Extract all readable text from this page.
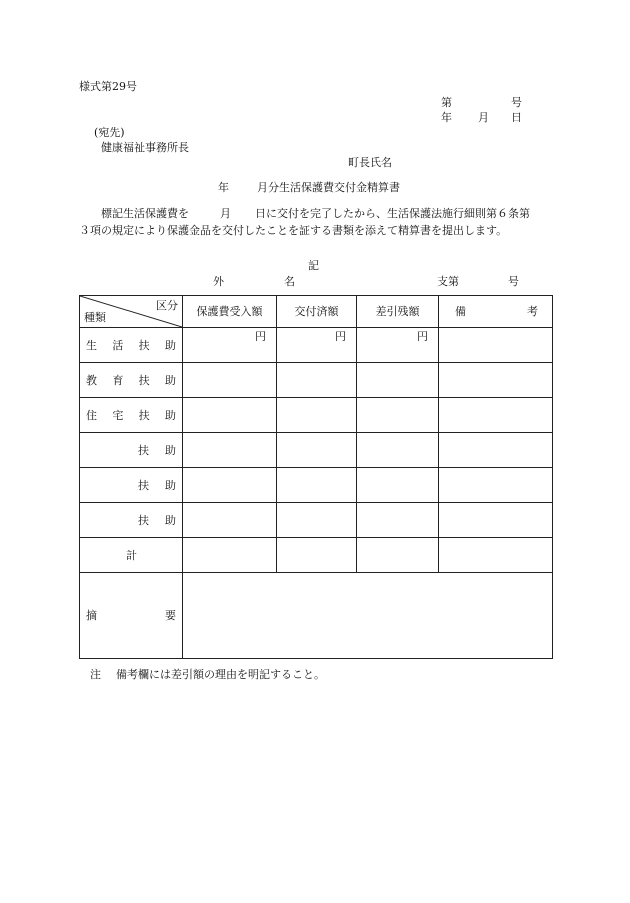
様式第29号
第	号
年 月 日
(宛先)
健康福祉事務所長
町長氏名
年	月分生活保護費交付金精算書
標記生活保護費を	月 日に交付を完了したから、生活保護法施行細則第６条第
３項の規定により保護金品を交付したことを証する書類を添えて精算書を提出します。
記
外	名	支第	号
区分
種類	保護費受入額	交付済額	差引残額	備 考

生 活 扶 助	円	円	円	

教 育 扶 助				

住 宅 扶 助				

扶 助				

扶 助				

扶 助				

計				

摘 要				

注 備考欄には差引額の理由を明記すること。
